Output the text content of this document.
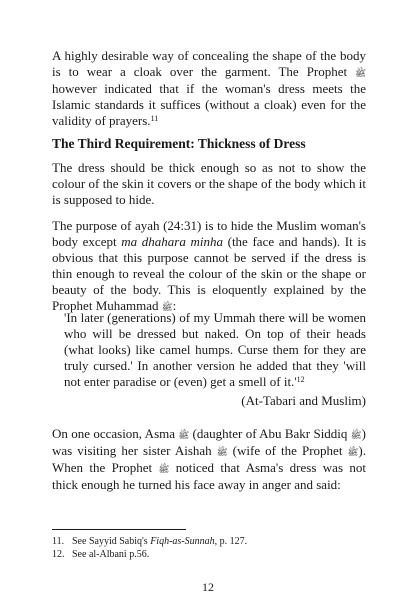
A highly desirable way of concealing the shape of the body is to wear a cloak over the garment. The Prophet ﷺ however indicated that if the woman's dress meets the Islamic standards it suffices (without a cloak) even for the validity of prayers.$^{11}$

The Third Requirement: Thickness of Dress

The dress should be thick enough so as not to show the colour of the skin it covers or the shape of the body which it is supposed to hide.

The purpose of ayah (24:31) is to hide the Muslim woman's body except ma dhahara minha (the face and hands). It is obvious that this purpose cannot be served if the dress is thin enough to reveal the colour of the skin or the shape or beauty of the body. This is eloquently explained by the Prophet Muhammad ﷺ:

'In later (generations) of my Ummah there will be women who will be dressed but naked. On top of their heads (what looks) like camel humps. Curse them for they are truly cursed.' In another version he added that they 'will not enter paradise or (even) get a smell of $it.'^{12}$

(At-Tabari and Muslim)

On one occasion, Asma ﷺ (daughter of Abu Bakr Siddiq ﷺ) was visiting her sister Aishah ﷺ (wife of the Prophet ﷺ). When the Prophet ﷺ noticed that Asma's dress was not thick enough he turned his face away in anger and said:

11. See Sayyid Sabiq's Fiqh-as-Sunnah, p. 127.

12. See al-Albani p.56.

12
